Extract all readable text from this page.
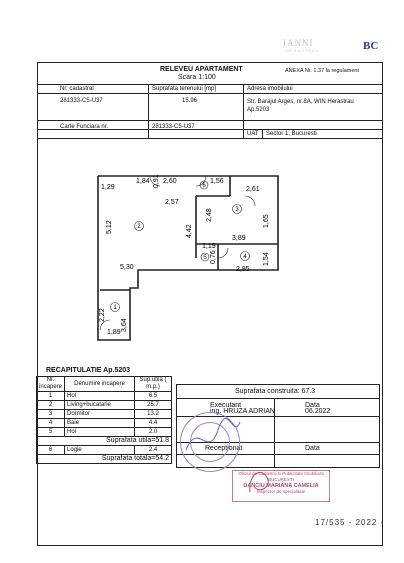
IANNI
HERASTRAU	BC
RELEVEU APARTAMENT
Scara 1:100
ANEXA Nr. 1.37 la regulament
Nr. cadastral	Suprafata terenului [mp]	Adresa imobilului
281333-C5-U37	15.96	Str. Barajul Arges, nr.8A, WIN Herastrau
Ap.5203
Carte Funciara nr.	281333-C5-U37
UAT Sector 1, Bucuresti
1,29
1,84 2,60	1,56
2,61
0,91
2,57
2,48
5,12	4,42
3,89
1,65
1,19
0,76
2,85
1,54
5,30
2,22
3,64
1,89
2
3
4
1
5
6
RECAPITULATIE Ap.5203
Nr. incapere	Denumire incapere	Sup.utila ( m.p.)
1	Hol	6.5
2	Living+bucatarie	25.7
3	Dormitor	13.2
4	Baie	4.4
5	Hol	2.0
Suprafata utila=51.8		
6	Logie	2.4
Suprafata totala=54.2		
Suprafata construita: 67.3
Executant	Data
ing. HRUZA ADRIAN	06.2022
Receptionat	Data
Oficiul de Cadastru si Publicitate Imobiliara
BUCURESTI
DANCIU MARIANA CAMELIA
Inspector de specialitate
17/535 - 2022 -
